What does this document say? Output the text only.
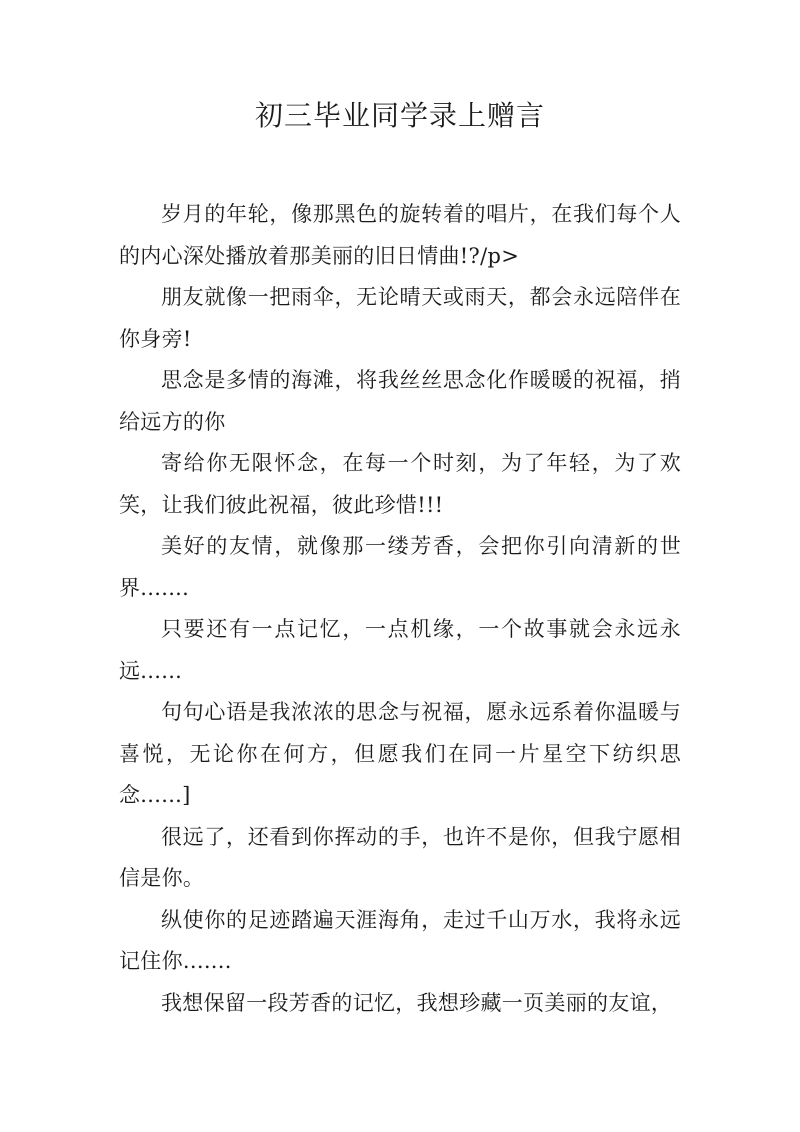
初三毕业同学录上赠言

岁月的年轮，像那黑色的旋转着的唱片，在我们每个人的内心深处播放着那美丽的旧日情曲!?/p>

朋友就像一把雨伞，无论晴天或雨天，都会永远陪伴在你身旁!

思念是多情的海滩，将我丝丝思念化作暖暖的祝福，捎给远方的你

寄给你无限怀念，在每一个时刻，为了年轻，为了欢笑，让我们彼此祝福，彼此珍惜!!!

美好的友情，就像那一缕芳香，会把你引向清新的世界.......

只要还有一点记忆，一点机缘，一个故事就会永远永远......

句句心语是我浓浓的思念与祝福，愿永远系着你温暖与喜悦，无论你在何方，但愿我们在同一片星空下纺织思念......]

很远了，还看到你挥动的手，也许不是你，但我宁愿相信是你。

纵使你的足迹踏遍天涯海角，走过千山万水，我将永远记住你.......

我想保留一段芳香的记忆，我想珍藏一页美丽的友谊，
